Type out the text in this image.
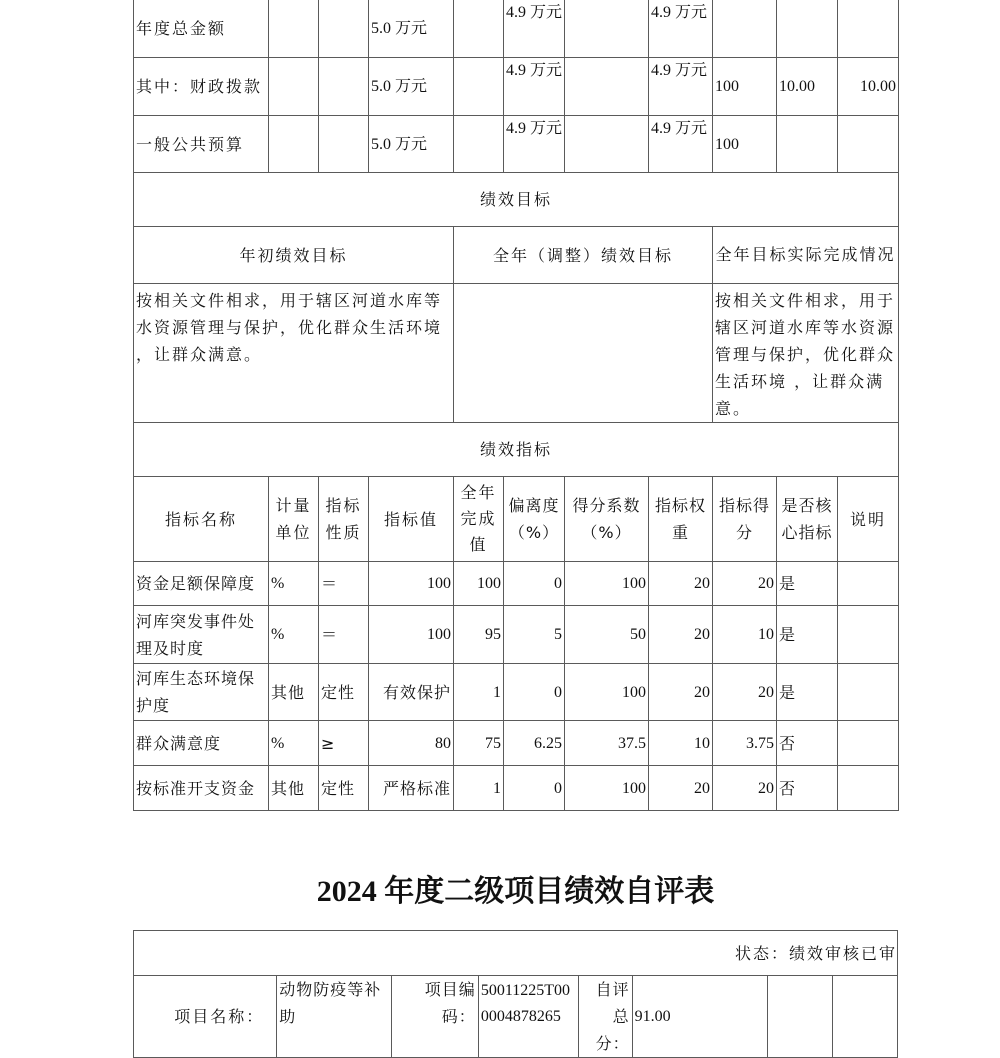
年度总金额			5.0 万元		4.9 万元		4.9 万元			
其中：财政拨款			5.0 万元		4.9 万元		4.9 万元	100	10.00	10.00
一般公共预算			5.0 万元		4.9 万元		4.9 万元	100		
绩效目标										
年初绩效目标				全年（调整）绩效目标				全年目标实际完成情况		
按相关文件相求，用于辖区河道水库等水资源管理与保护，优化群众生活环境 ，让群众满意。								按相关文件相求，用于辖区河道水库等水资源管理与保护，优化群众生活环境 ，让群众满意。		
绩效指标										
指标名称	计量单位	指标性质	指标值	全年完成值	偏离度（%）	得分系数（%）	指标权重	指标得分	是否核心指标	说明
资金足额保障度	%	＝	100	100	0	100	20	20	是	
河库突发事件处理及时度	%	＝	100	95	5	50	20	10	是	
河库生态环境保护度	其他	定性	有效保护	1	0	100	20	20	是	
群众满意度	%	≥	80	75	6.25	37.5	10	3.75	否	
按标准开支资金	其他	定性	严格标准	1	0	100	20	20	否	
2024 年度二级项目绩效自评表
状态：绩效审核已审
项目名称：	动物防疫等补助	项目编码：	50011225T000004878265	自评总分：	91.00		
